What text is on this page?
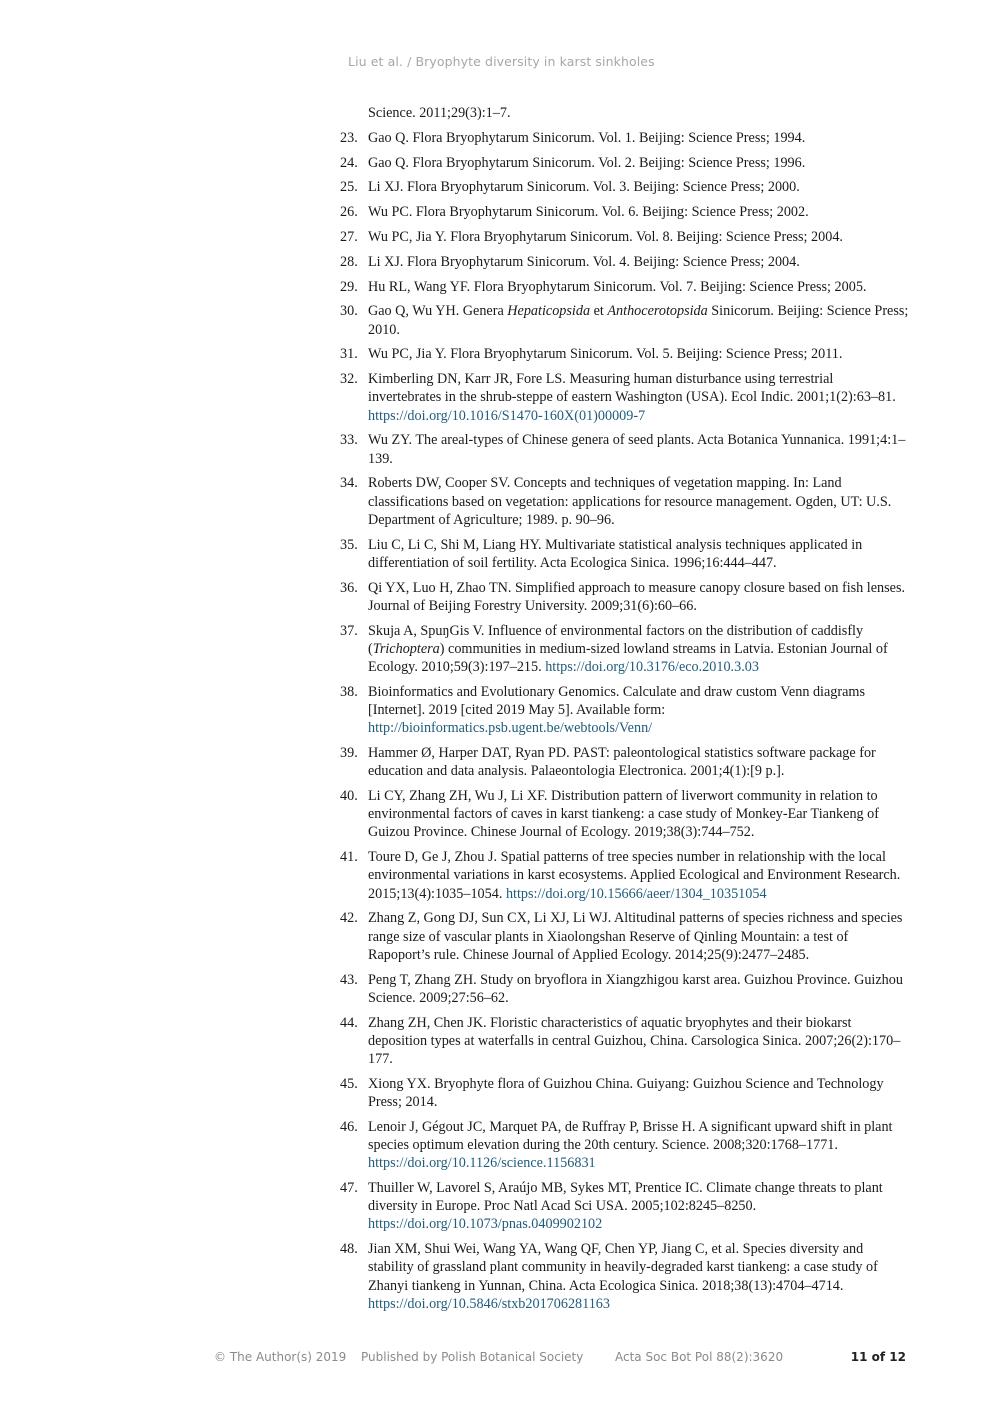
Liu et al. / Bryophyte diversity in karst sinkholes
Science. 2011;29(3):1–7.
23. Gao Q. Flora Bryophytarum Sinicorum. Vol. 1. Beijing: Science Press; 1994.
24. Gao Q. Flora Bryophytarum Sinicorum. Vol. 2. Beijing: Science Press; 1996.
25. Li XJ. Flora Bryophytarum Sinicorum. Vol. 3. Beijing: Science Press; 2000.
26. Wu PC. Flora Bryophytarum Sinicorum. Vol. 6. Beijing: Science Press; 2002.
27. Wu PC, Jia Y. Flora Bryophytarum Sinicorum. Vol. 8. Beijing: Science Press; 2004.
28. Li XJ. Flora Bryophytarum Sinicorum. Vol. 4. Beijing: Science Press; 2004.
29. Hu RL, Wang YF. Flora Bryophytarum Sinicorum. Vol. 7. Beijing: Science Press; 2005.
30. Gao Q, Wu YH. Genera Hepaticopsida et Anthocerotopsida Sinicorum. Beijing: Science Press; 2010.
31. Wu PC, Jia Y. Flora Bryophytarum Sinicorum. Vol. 5. Beijing: Science Press; 2011.
32. Kimberling DN, Karr JR, Fore LS. Measuring human disturbance using terrestrial invertebrates in the shrub-steppe of eastern Washington (USA). Ecol Indic. 2001;1(2):63–81. https://doi.org/10.1016/S1470-160X(01)00009-7
33. Wu ZY. The areal-types of Chinese genera of seed plants. Acta Botanica Yunnanica. 1991;4:1–139.
34. Roberts DW, Cooper SV. Concepts and techniques of vegetation mapping. In: Land classifications based on vegetation: applications for resource management. Ogden, UT: U.S. Department of Agriculture; 1989. p. 90–96.
35. Liu C, Li C, Shi M, Liang HY. Multivariate statistical analysis techniques applicated in differentiation of soil fertility. Acta Ecologica Sinica. 1996;16:444–447.
36. Qi YX, Luo H, Zhao TN. Simplified approach to measure canopy closure based on fish lenses. Journal of Beijing Forestry University. 2009;31(6):60–66.
37. Skuja A, SpuŋGis V. Influence of environmental factors on the distribution of caddisfly (Trichoptera) communities in medium-sized lowland streams in Latvia. Estonian Journal of Ecology. 2010;59(3):197–215. https://doi.org/10.3176/eco.2010.3.03
38. Bioinformatics and Evolutionary Genomics. Calculate and draw custom Venn diagrams [Internet]. 2019 [cited 2019 May 5]. Available form: http://bioinformatics.psb.ugent.be/webtools/Venn/
39. Hammer Ø, Harper DAT, Ryan PD. PAST: paleontological statistics software package for education and data analysis. Palaeontologia Electronica. 2001;4(1):[9 p.].
40. Li CY, Zhang ZH, Wu J, Li XF. Distribution pattern of liverwort community in relation to environmental factors of caves in karst tiankeng: a case study of Monkey-Ear Tiankeng of Guizou Province. Chinese Journal of Ecology. 2019;38(3):744–752.
41. Toure D, Ge J, Zhou J. Spatial patterns of tree species number in relationship with the local environmental variations in karst ecosystems. Applied Ecological and Environment Research. 2015;13(4):1035–1054. https://doi.org/10.15666/aeer/1304_10351054
42. Zhang Z, Gong DJ, Sun CX, Li XJ, Li WJ. Altitudinal patterns of species richness and species range size of vascular plants in Xiaolongshan Reserve of Qinling Mountain: a test of Rapoport’s rule. Chinese Journal of Applied Ecology. 2014;25(9):2477–2485.
43. Peng T, Zhang ZH. Study on bryoflora in Xiangzhigou karst area. Guizhou Province. Guizhou Science. 2009;27:56–62.
44. Zhang ZH, Chen JK. Floristic characteristics of aquatic bryophytes and their biokarst deposition types at waterfalls in central Guizhou, China. Carsologica Sinica. 2007;26(2):170–177.
45. Xiong YX. Bryophyte flora of Guizhou China. Guiyang: Guizhou Science and Technology Press; 2014.
46. Lenoir J, Gégout JC, Marquet PA, de Ruffray P, Brisse H. A significant upward shift in plant species optimum elevation during the 20th century. Science. 2008;320:1768–1771. https://doi.org/10.1126/science.1156831
47. Thuiller W, Lavorel S, Araújo MB, Sykes MT, Prentice IC. Climate change threats to plant diversity in Europe. Proc Natl Acad Sci USA. 2005;102:8245–8250. https://doi.org/10.1073/pnas.0409902102
48. Jian XM, Shui Wei, Wang YA, Wang QF, Chen YP, Jiang C, et al. Species diversity and stability of grassland plant community in heavily-degraded karst tiankeng: a case study of Zhanyi tiankeng in Yunnan, China. Acta Ecologica Sinica. 2018;38(13):4704–4714. https://doi.org/10.5846/stxb201706281163
© The Author(s) 2019 Published by Polish Botanical Society	Acta Soc Bot Pol 88(2):3620	11 of 12
